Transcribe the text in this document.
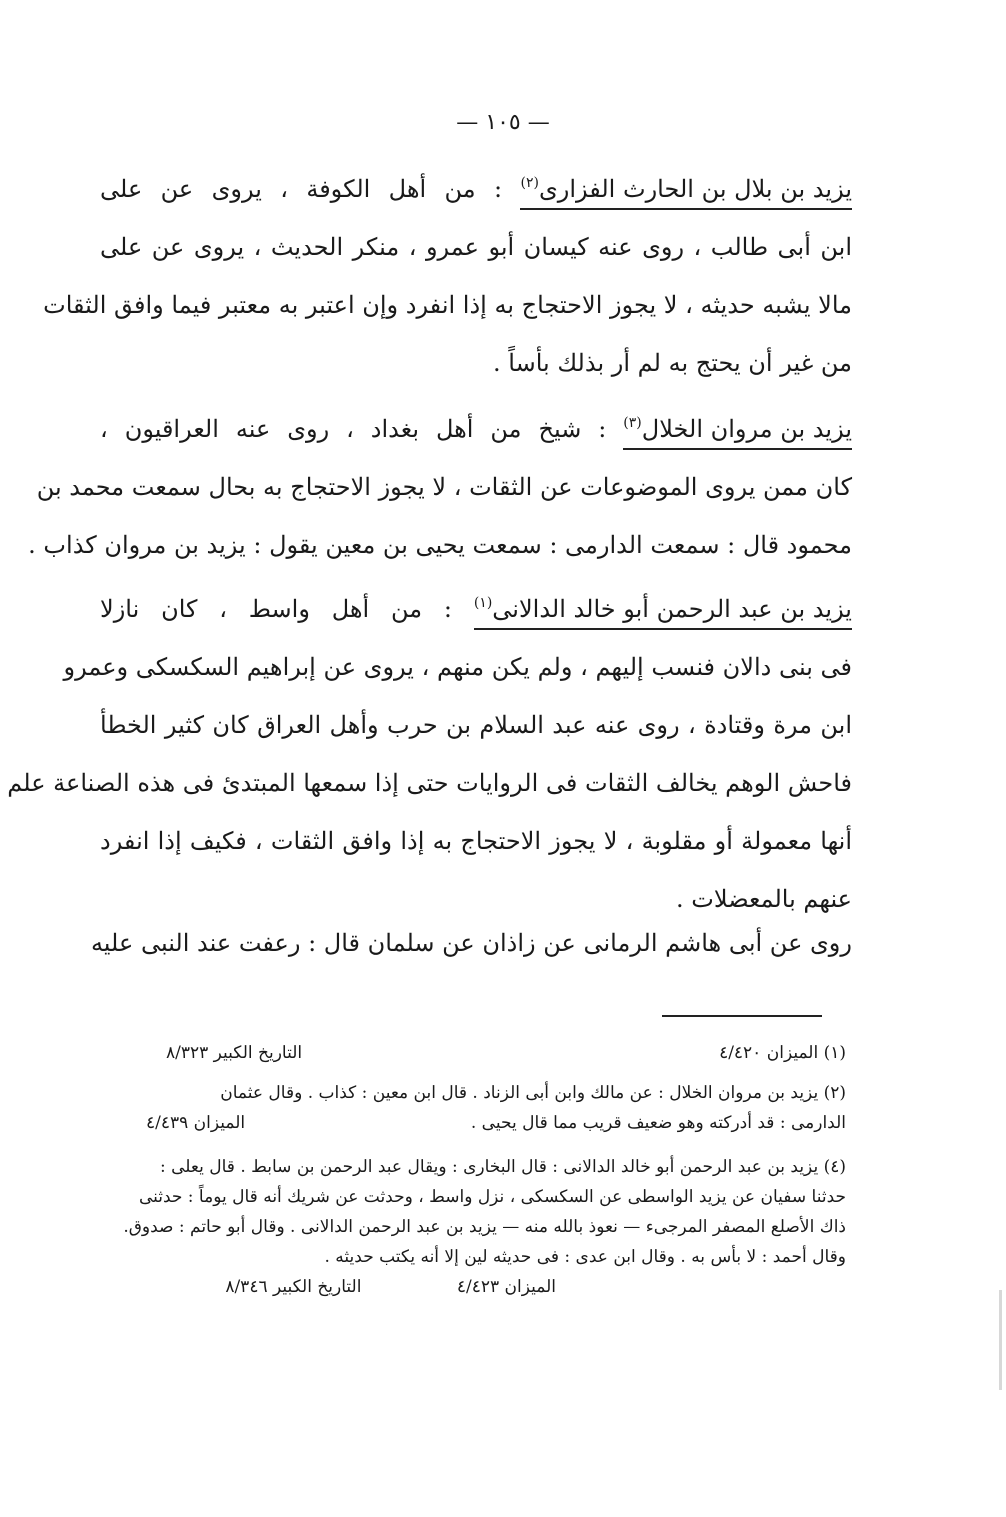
— ١٠٥ —
يزيد بن بلال بن الحارث الفزارى$^{(٢)}$ : من أهل الكوفة ، يروى عن على
ابن أبى طالب ، روى عنه كيسان أبو عمرو ، منكر الحديث ، يروى عن على
مالا يشبه حديثه ، لا يجوز الاحتجاج به إذا انفرد وإن اعتبر به معتبر فيما وافق الثقات
من غير أن يحتج به لم أر بذلك بأساً .
يزيد بن مروان الخلال$^{(٣)}$ : شيخ من أهل بغداد ، روى عنه العراقيون ،
كان ممن يروى الموضوعات عن الثقات ، لا يجوز الاحتجاج به بحال سمعت محمد بن
محمود قال : سمعت الدارمى : سمعت يحيى بن معين يقول : يزيد بن مروان كذاب .
يزيد بن عبد الرحمن أبو خالد الدالانى$^{(١)}$ : من أهل واسط ، كان نازلا
فى بنى دالان فنسب إليهم ، ولم يكن منهم ، يروى عن إبراهيم السكسكى وعمرو
ابن مرة وقتادة ، روى عنه عبد السلام بن حرب وأهل العراق كان كثير الخطأ
فاحش الوهم يخالف الثقات فى الروايات حتى إذا سمعها المبتدئ فى هذه الصناعة علم
أنها معمولة أو مقلوبة ، لا يجوز الاحتجاج به إذا وافق الثقات ، فكيف إذا انفرد
عنهم بالمعضلات .
روى عن أبى هاشم الرمانى عن زاذان عن سلمان قال : رعفت عند النبى عليه
(١) الميزان ٤/٤٢٠
التاريخ الكبير ٨/٣٢٣
(٢) يزيد بن مروان الخلال : عن مالك وابن أبى الزناد . قال ابن معين : كذاب . وقال عثمان
الدارمى : قد أدركته وهو ضعيف قريب مما قال يحيى .
الميزان ٤/٤٣٩
(٤) يزيد بن عبد الرحمن أبو خالد الدالانى : قال البخارى : ويقال عبد الرحمن بن سابط . قال يعلى :
حدثنا سفيان عن يزيد الواسطى عن السكسكى ، نزل واسط ، وحدثت عن شريك أنه قال يوماً : حدثنى
ذاك الأصلع المصفر المرجىء — نعوذ بالله منه — يزيد بن عبد الرحمن الدالانى . وقال أبو حاتم : صدوق.
وقال أحمد : لا بأس به . وقال ابن عدى : فى حديثه لين إلا أنه يكتب حديثه .
الميزان ٤/٤٢٣ التاريخ الكبير ٨/٣٤٦
